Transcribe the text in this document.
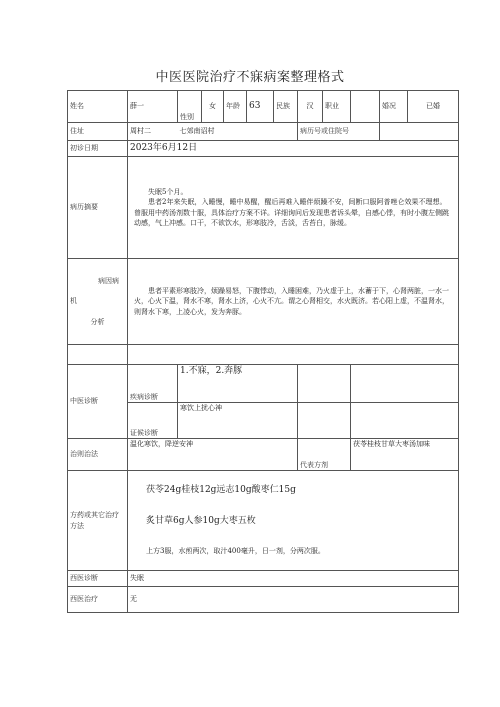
中医医院治疗不寐病案整理格式
姓名	薛一	性别	女	年龄	63	民族	汉	职业		婚况	已婚
住址	周村二	七郊南诏村					病历号或住院号				
初诊日期	2023年6月12日										
病历摘要	失眠5个月。

患者2年来失眠，入睡慢，睡中易醒，醒后再难入睡伴烦躁不安，间断口服阿普唑仑效果不理想。曾服用中药汤剂数十服，具体治疗方案不详。详细询问后发现患者诉头晕，自感心悸，有时小腹左侧跳动感，气上冲感。口干，不欲饮水，形寒肢冷，舌淡，舌苔白，脉缓。										

病因病
机
分析	患者平素形寒肢冷，烦躁易怒，下腹悸动，入睡困难，乃火虚于上，水蓄于下，心肾两脏，一水一火，心火下温，肾水不寒，肾水上济，心火不亢。谓之心肾相交，水火既济。若心阳上虚，不温肾水，则肾水下寒，上凌心火，发为奔豚。										

中医诊断	疾病诊断	1.不寐，2.奔豚									
	证候诊断	寒饮上扰心神									
治则治法	温化寒饮，降逆安神						代表方剂		茯苓桂枝甘草大枣汤加味		
方药或其它治疗方法	茯苓24g桂枝12g远志10g酸枣仁15g
炙甘草6g人参10g大枣五枚
上方3服，水煎两次，取汁400毫升，日一剂，分两次服。										

西医诊断	失眠										
西医治疗	无										
